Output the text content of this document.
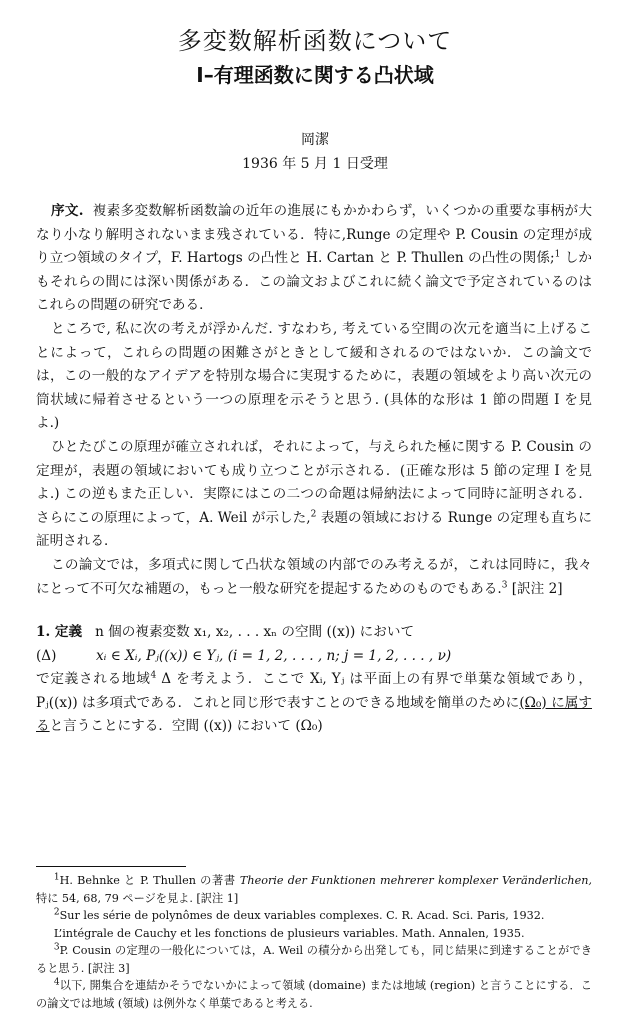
多変数解析函数について
I–有理函数に関する凸状域
岡潔
1936 年 5 月 1 日受理

序文. 複素多変数解析函数論の近年の進展にもかかわらず，いくつかの重要な事柄が大なり小なり解明されないまま残されている．特に,Runge の定理や P. Cousin の定理が成り立つ領域のタイプ，F. Hartogs の凸性と H. Cartan と P. Thullen の凸性の関係;$^1$ しかもそれらの間には深い関係がある．この論文およびこれに続く論文で予定されているのはこれらの問題の研究である．

ところで, 私に次の考えが浮かんだ. すなわち, 考えている空間の次元を適当に上げることによって，これらの問題の困難さがときとして緩和されるのではないか．この論文では，この一般的なアイデアを特別な場合に実現するために，表題の領域をより高い次元の筒状域に帰着させるという一つの原理を示そうと思う. (具体的な形は 1 節の問題 I を見よ.)

ひとたびこの原理が確立されれば，それによって，与えられた極に関する P. Cousin の定理が，表題の領域においても成り立つことが示される．(正確な形は 5 節の定理 I を見よ.) この逆もまた正しい．実際にはこの二つの命題は帰納法によって同時に証明される．さらにこの原理によって，A. Weil が示した,$^2$ 表題の領域における Runge の定理も直ちに証明される．

この論文では，多項式に関して凸状な領域の内部でのみ考えるが，これは同時に，我々にとって不可欠な補題の，もっと一般な研究を提起するためのものでもある.$^3$ [訳注 2]

1. 定義 n 個の複素変数 x₁, x₂, . . . xₙ の空間 ((x)) において

(Δ)	xᵢ ∈ Xᵢ, Pⱼ((x)) ∈ Yⱼ, (i = 1, 2, . . . , n; j = 1, 2, . . . , ν)

で定義される地域$^4$ Δ を考えよう．ここで Xᵢ, Yⱼ は平面上の有界で単葉な領域であり，Pⱼ((x)) は多項式である．これと同じ形で表すことのできる地域を簡単のために(Ω₀) に属すると言うことにする．空間 ((x)) において (Ω₀)

$^1$H. Behnke と P. Thullen の著書 Theorie der Funktionen mehrerer komplexer Veränderlichen, 特に 54, 68, 79 ページを見よ. [訳注 1]

$^2$Sur les série de polynômes de deux variables complexes. C. R. Acad. Sci. Paris, 1932.

L’intégrale de Cauchy et les fonctions de plusieurs variables. Math. Annalen, 1935.

$^3$P. Cousin の定理の一般化については，A. Weil の積分から出発しても，同じ結果に到達することができると思う. [訳注 3]

$^4$以下, 開集合を連結かそうでないかによって領域 (domaine) または地域 (region) と言うことにする．この論文では地域 (領域) は例外なく単葉であると考える.
